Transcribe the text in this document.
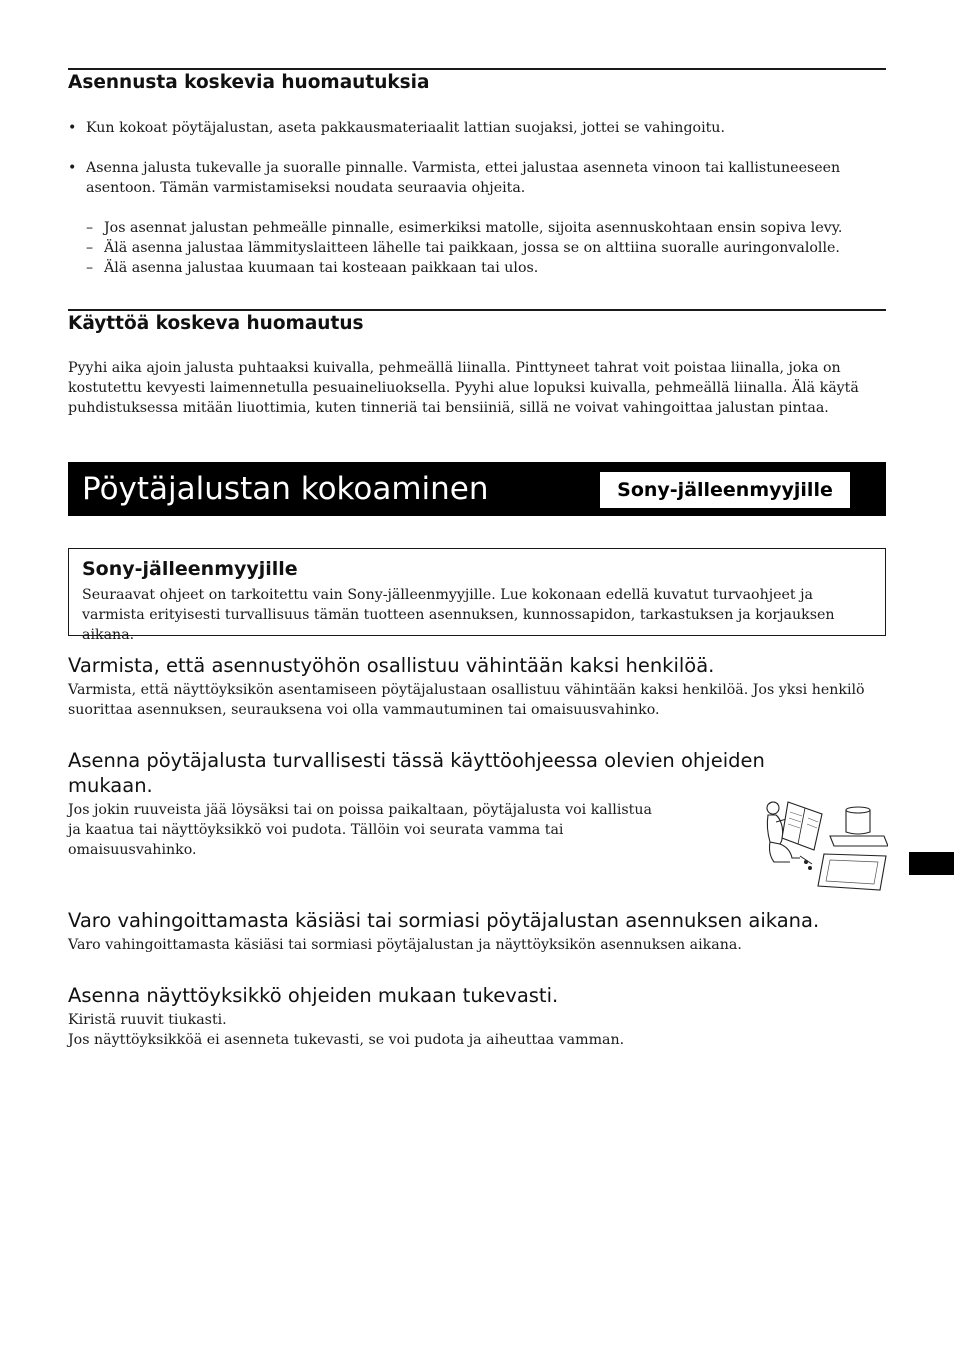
Asennusta koskevia huomautuksia
• Kun kokoat pöytäjalustan, aseta pakkausmateriaalit lattian suojaksi, jottei se vahingoitu.

• Asenna jalusta tukevalle ja suoralle pinnalle. Varmista, ettei jalustaa asenneta vinoon tai kallistuneeseen asentoon. Tämän varmistamiseksi noudata seuraavia ohjeita.

– Jos asennat jalustan pehmeälle pinnalle, esimerkiksi matolle, sijoita asennuskohtaan ensin sopiva levy.

– Älä asenna jalustaa lämmityslaitteen lähelle tai paikkaan, jossa se on alttiina suoralle auringonvalolle.

– Älä asenna jalustaa kuumaan tai kosteaan paikkaan tai ulos.

Käyttöä koskeva huomautus

Pyyhi aika ajoin jalusta puhtaaksi kuivalla, pehmeällä liinalla. Pinttyneet tahrat voit poistaa liinalla, joka on kostutettu kevyesti laimennetulla pesuaineliuoksella. Pyyhi alue lopuksi kuivalla, pehmeällä liinalla. Älä käytä puhdistuksessa mitään liuottimia, kuten tinneriä tai bensiiniä, sillä ne voivat vahingoittaa jalustan pintaa.

Pöytäjalustan kokoaminen	Sony-jälleenmyyjille
Sony-jälleenmyyjille

Seuraavat ohjeet on tarkoitettu vain Sony-jälleenmyyjille. Lue kokonaan edellä kuvatut turvaohjeet ja varmista erityisesti turvallisuus tämän tuotteen asennuksen, kunnossapidon, tarkastuksen ja korjauksen aikana.

Varmista, että asennustyöhön osallistuu vähintään kaksi henkilöä.

Varmista, että näyttöyksikön asentamiseen pöytäjalustaan osallistuu vähintään kaksi henkilöä. Jos yksi henkilö suorittaa asennuksen, seurauksena voi olla vammautuminen tai omaisuusvahinko.

Asenna pöytäjalusta turvallisesti tässä käyttöohjeessa olevien ohjeiden mukaan.

Jos jokin ruuveista jää löysäksi tai on poissa paikaltaan, pöytäjalusta voi kallistua ja kaatua tai näyttöyksikkö voi pudota. Tällöin voi seurata vamma tai omaisuusvahinko.

Varo vahingoittamasta käsiäsi tai sormiasi pöytäjalustan asennuksen aikana.

Varo vahingoittamasta käsiäsi tai sormiasi pöytäjalustan ja näyttöyksikön asennuksen aikana.

Asenna näyttöyksikkö ohjeiden mukaan tukevasti.

Kiristä ruuvit tiukasti.

Jos näyttöyksikköä ei asenneta tukevasti, se voi pudota ja aiheuttaa vamman.
